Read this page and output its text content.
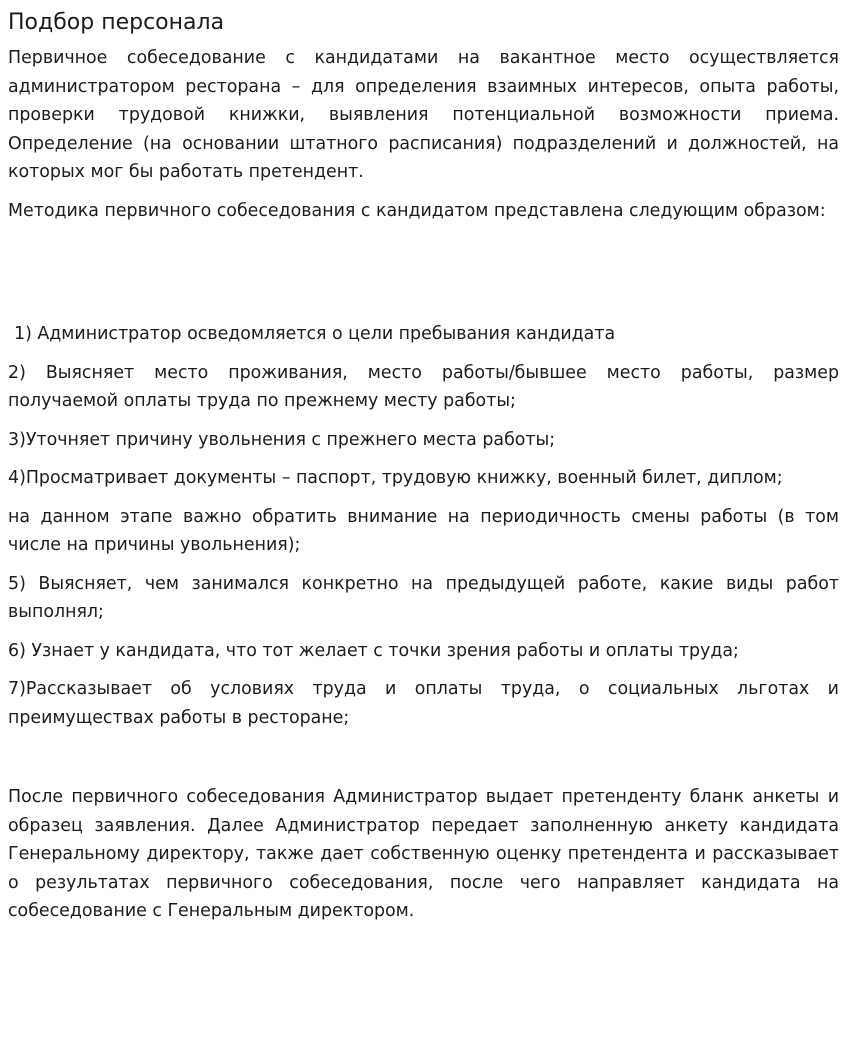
Подбор персонала

Первичное собеседование с кандидатами на вакантное место осуществляется администратором ресторана – для определения взаимных интересов, опыта работы, проверки трудовой книжки, выявления потенциальной возможности приема. Определение (на основании штатного расписания) подразделений и должностей, на которых мог бы работать претендент.

Методика первичного собеседования с кандидатом представлена следующим образом:

1) Администратор осведомляется о цели пребывания кандидата

2) Выясняет место проживания, место работы/бывшее место работы, размер получаемой оплаты труда по прежнему месту работы;

3)Уточняет причину увольнения с прежнего места работы;

4)Просматривает документы – паспорт, трудовую книжку, военный билет, диплом;

на данном этапе важно обратить внимание на периодичность смены работы (в том числе на причины увольнения);

5) Выясняет, чем занимался конкретно на предыдущей работе, какие виды работ выполнял;

6) Узнает у кандидата, что тот желает с точки зрения работы и оплаты труда;

7)Рассказывает об условиях труда и оплаты труда, о социальных льготах и преимуществах работы в ресторане;

После первичного собеседования Администратор выдает претенденту бланк анкеты и образец заявления. Далее Администратор передает заполненную анкету кандидата Генеральному директору, также дает собственную оценку претендента и рассказывает о результатах первичного собеседования, после чего направляет кандидата на собеседование с Генеральным директором.
